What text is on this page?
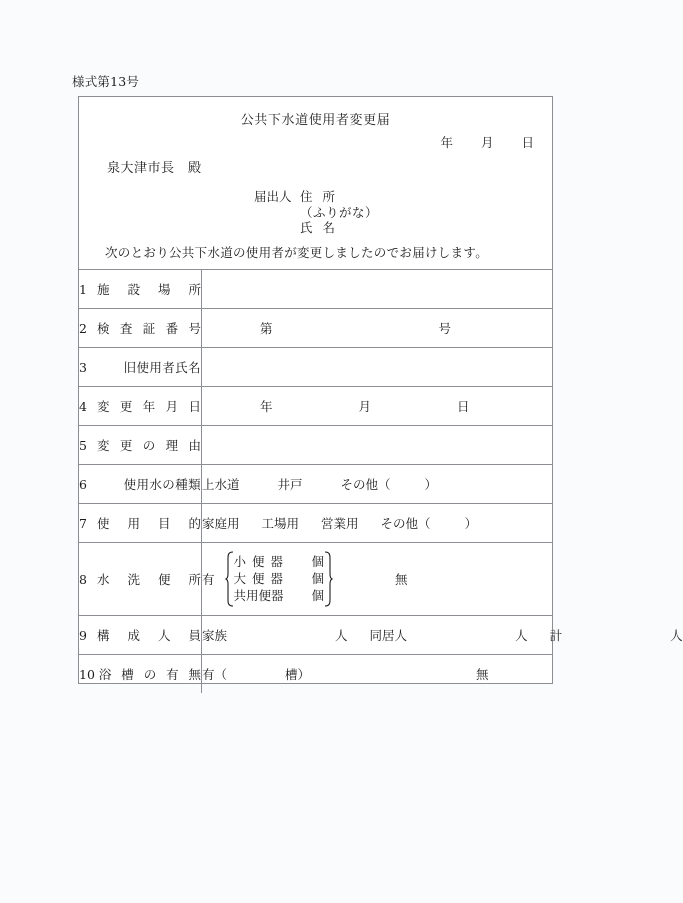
様式第13号
公共下水道使用者変更届
年 月 日
泉大津市長　殿
届出人 住所
（ふりがな）
氏名
次のとおり公共下水道の使用者が変更しましたのでお届けします。
1 施設場所	

2 検査証番号	第 号

3 旧使用者氏名	

4 変更年月日	年 月 日

5 変更の理由	

6 使用水の種類	上水道 井戸 その他（ ）

7 使用目的	家庭用 工場用 営業用 その他（ ）

8 水洗便所	有
小便器 個
大便器 個
共用便器 個
無

9 構成人員	家族 人 同居人 人 計 人

10 浴槽の有無	有（ 槽） 無
